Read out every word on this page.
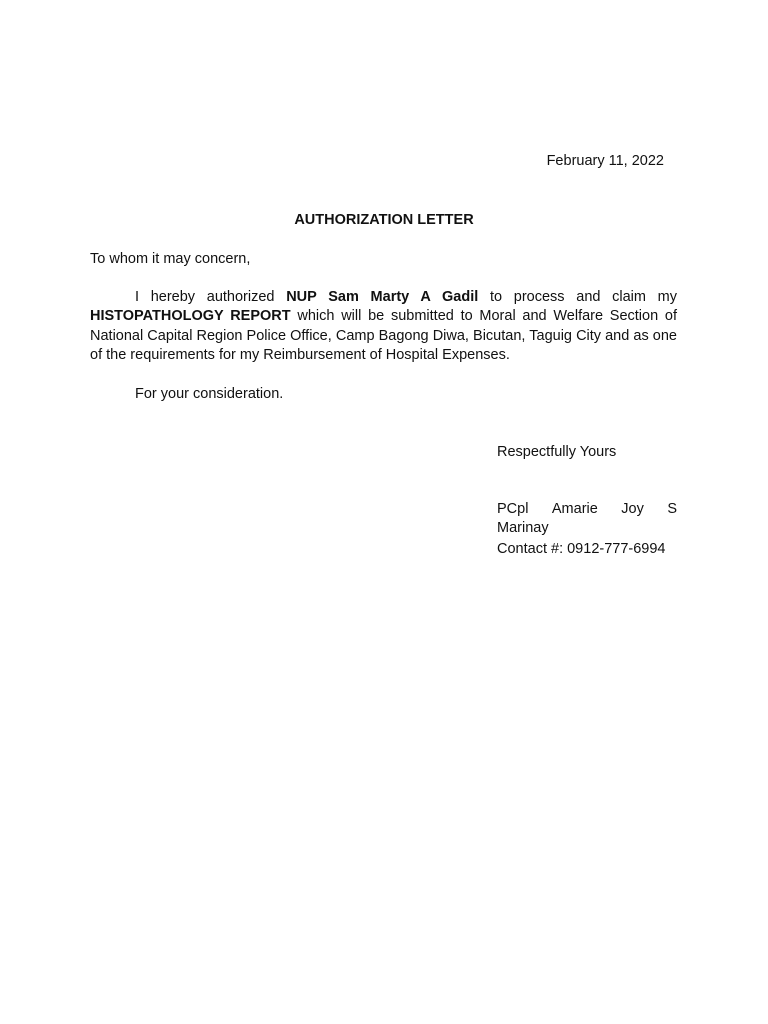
February 11, 2022
AUTHORIZATION LETTER
To whom it may concern,
I hereby authorized NUP Sam Marty A Gadil to process and claim my HISTOPATHOLOGY REPORT which will be submitted to Moral and Welfare Section of National Capital Region Police Office, Camp Bagong Diwa, Bicutan, Taguig City and as one of the requirements for my Reimbursement of Hospital Expenses.
For your consideration.
Respectfully Yours
PCpl Amarie Joy S
Marinay
Contact #: 0912-777-6994
